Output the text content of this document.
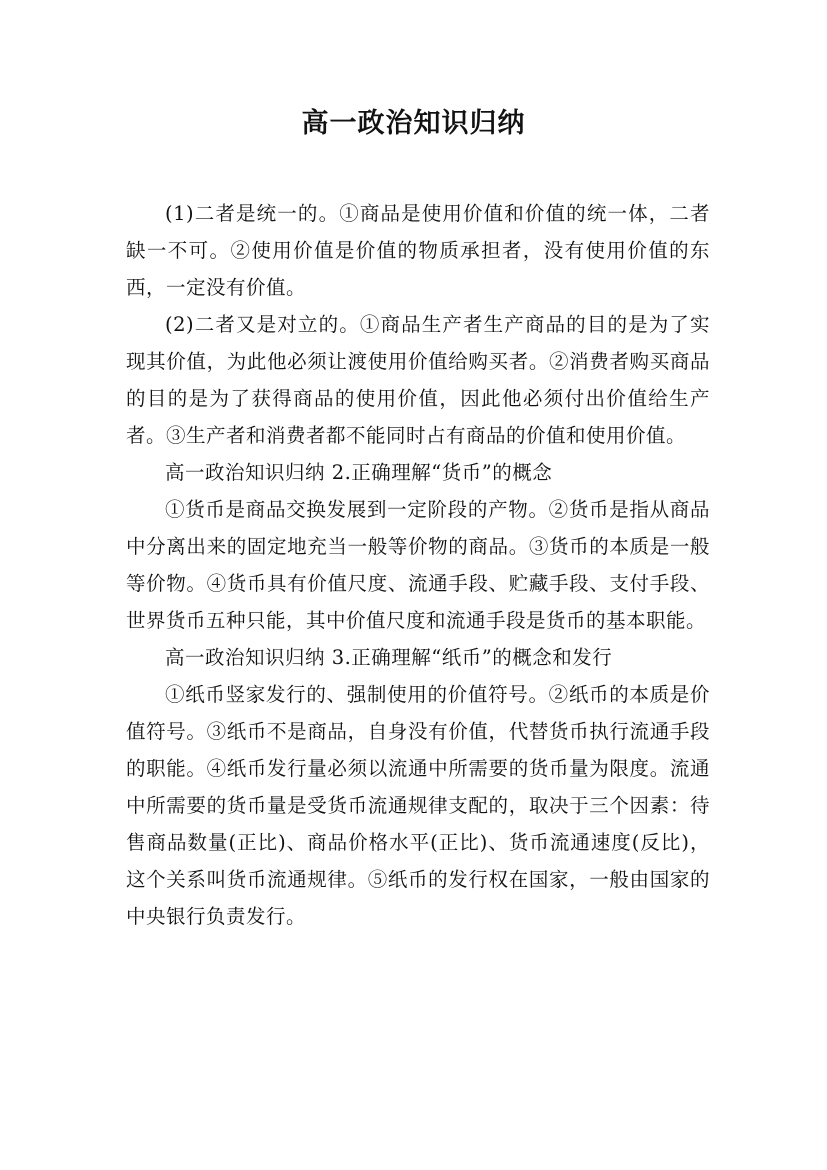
高一政治知识归纳

(1)二者是统一的。①商品是使用价值和价值的统一体，二者缺一不可。②使用价值是价值的物质承担者，没有使用价值的东西，一定没有价值。

(2)二者又是对立的。①商品生产者生产商品的目的是为了实现其价值，为此他必须让渡使用价值给购买者。②消费者购买商品的目的是为了获得商品的使用价值，因此他必须付出价值给生产者。③生产者和消费者都不能同时占有商品的价值和使用价值。

高一政治知识归纳 2.正确理解“货币”的概念

①货币是商品交换发展到一定阶段的产物。②货币是指从商品中分离出来的固定地充当一般等价物的商品。③货币的本质是一般等价物。④货币具有价值尺度、流通手段、贮藏手段、支付手段、世界货币五种只能，其中价值尺度和流通手段是货币的基本职能。

高一政治知识归纳 3.正确理解“纸币”的概念和发行

①纸币竖家发行的、强制使用的价值符号。②纸币的本质是价值符号。③纸币不是商品，自身没有价值，代替货币执行流通手段的职能。④纸币发行量必须以流通中所需要的货币量为限度。流通中所需要的货币量是受货币流通规律支配的，取决于三个因素：待售商品数量(正比)、商品价格水平(正比)、货币流通速度(反比)，这个关系叫货币流通规律。⑤纸币的发行权在国家，一般由国家的中央银行负责发行。
